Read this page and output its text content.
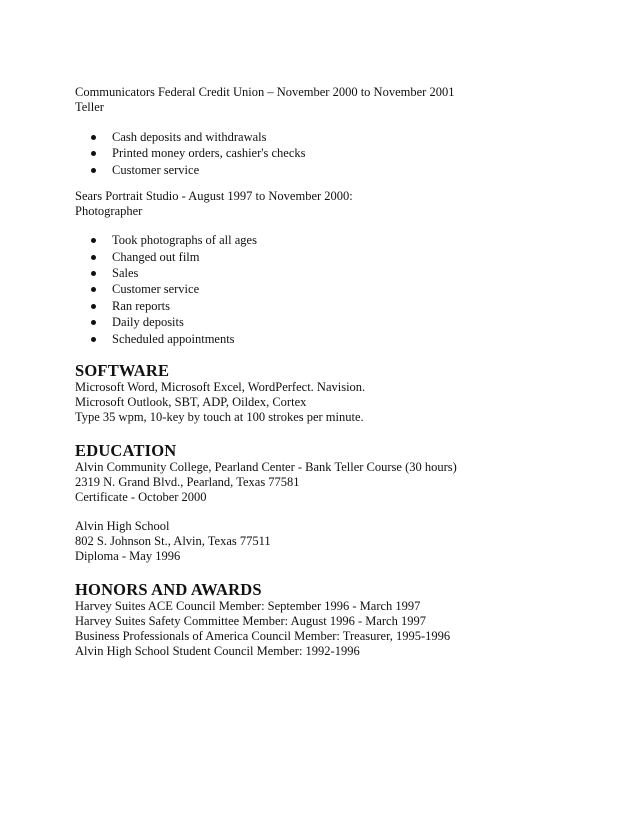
Communicators Federal Credit Union – November 2000 to November 2001
Teller
Cash deposits and withdrawals
Printed money orders, cashier's checks
Customer service
Sears Portrait Studio - August 1997 to November 2000:
Photographer
Took photographs of all ages
Changed out film
Sales
Customer service
Ran reports
Daily deposits
Scheduled appointments
SOFTWARE
Microsoft Word, Microsoft Excel, WordPerfect. Navision.
Microsoft Outlook, SBT, ADP, Oildex, Cortex
Type 35 wpm, 10-key by touch at 100 strokes per minute.
EDUCATION
Alvin Community College, Pearland Center - Bank Teller Course (30 hours)
2319 N. Grand Blvd., Pearland, Texas 77581
Certificate - October 2000
Alvin High School
802 S. Johnson St., Alvin, Texas 77511
Diploma - May 1996
HONORS AND AWARDS
Harvey Suites ACE Council Member: September 1996 - March 1997
Harvey Suites Safety Committee Member: August 1996 - March 1997
Business Professionals of America Council Member: Treasurer, 1995-1996
Alvin High School Student Council Member: 1992-1996
